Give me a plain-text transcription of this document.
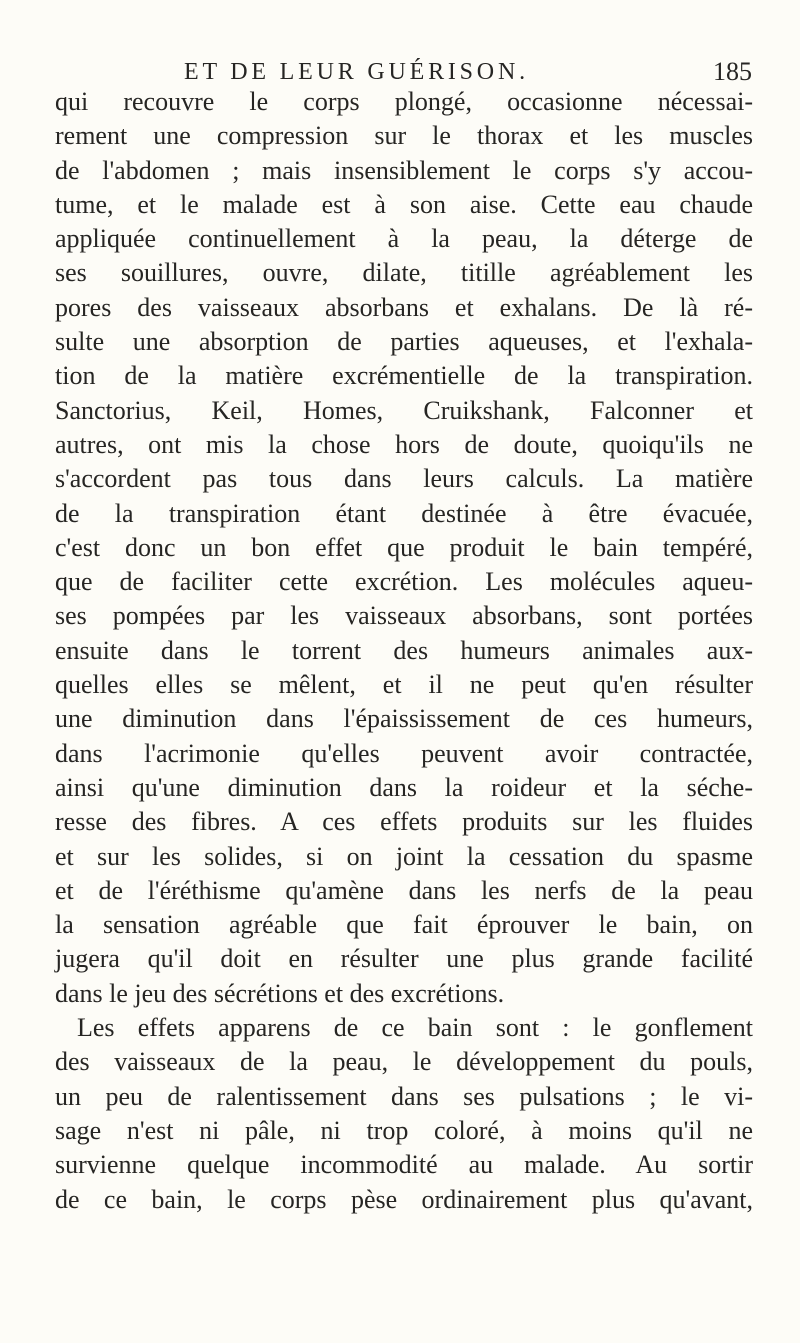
ET DE LEUR GUÉRISON.	185
qui recouvre le corps plongé, occasionne nécessai-
rement une compression sur le thorax et les muscles
de l'abdomen ; mais insensiblement le corps s'y accou-
tume, et le malade est à son aise. Cette eau chaude
appliquée continuellement à la peau, la déterge de
ses souillures, ouvre, dilate, titille agréablement les
pores des vaisseaux absorbans et exhalans. De là ré-
sulte une absorption de parties aqueuses, et l'exhala-
tion de la matière excrémentielle de la transpiration.
Sanctorius, Keil, Homes, Cruikshank, Falconner et
autres, ont mis la chose hors de doute, quoiqu'ils ne
s'accordent pas tous dans leurs calculs. La matière
de la transpiration étant destinée à être évacuée,
c'est donc un bon effet que produit le bain tempéré,
que de faciliter cette excrétion. Les molécules aqueu-
ses pompées par les vaisseaux absorbans, sont portées
ensuite dans le torrent des humeurs animales aux-
quelles elles se mêlent, et il ne peut qu'en résulter
une diminution dans l'épaississement de ces humeurs,
dans l'acrimonie qu'elles peuvent avoir contractée,
ainsi qu'une diminution dans la roideur et la séche-
resse des fibres. A ces effets produits sur les fluides
et sur les solides, si on joint la cessation du spasme
et de l'éréthisme qu'amène dans les nerfs de la peau
la sensation agréable que fait éprouver le bain, on
jugera qu'il doit en résulter une plus grande facilité
dans le jeu des sécrétions et des excrétions.
Les effets apparens de ce bain sont : le gonflement
des vaisseaux de la peau, le développement du pouls,
un peu de ralentissement dans ses pulsations ; le vi-
sage n'est ni pâle, ni trop coloré, à moins qu'il ne
survienne quelque incommodité au malade. Au sortir
de ce bain, le corps pèse ordinairement plus qu'avant,
